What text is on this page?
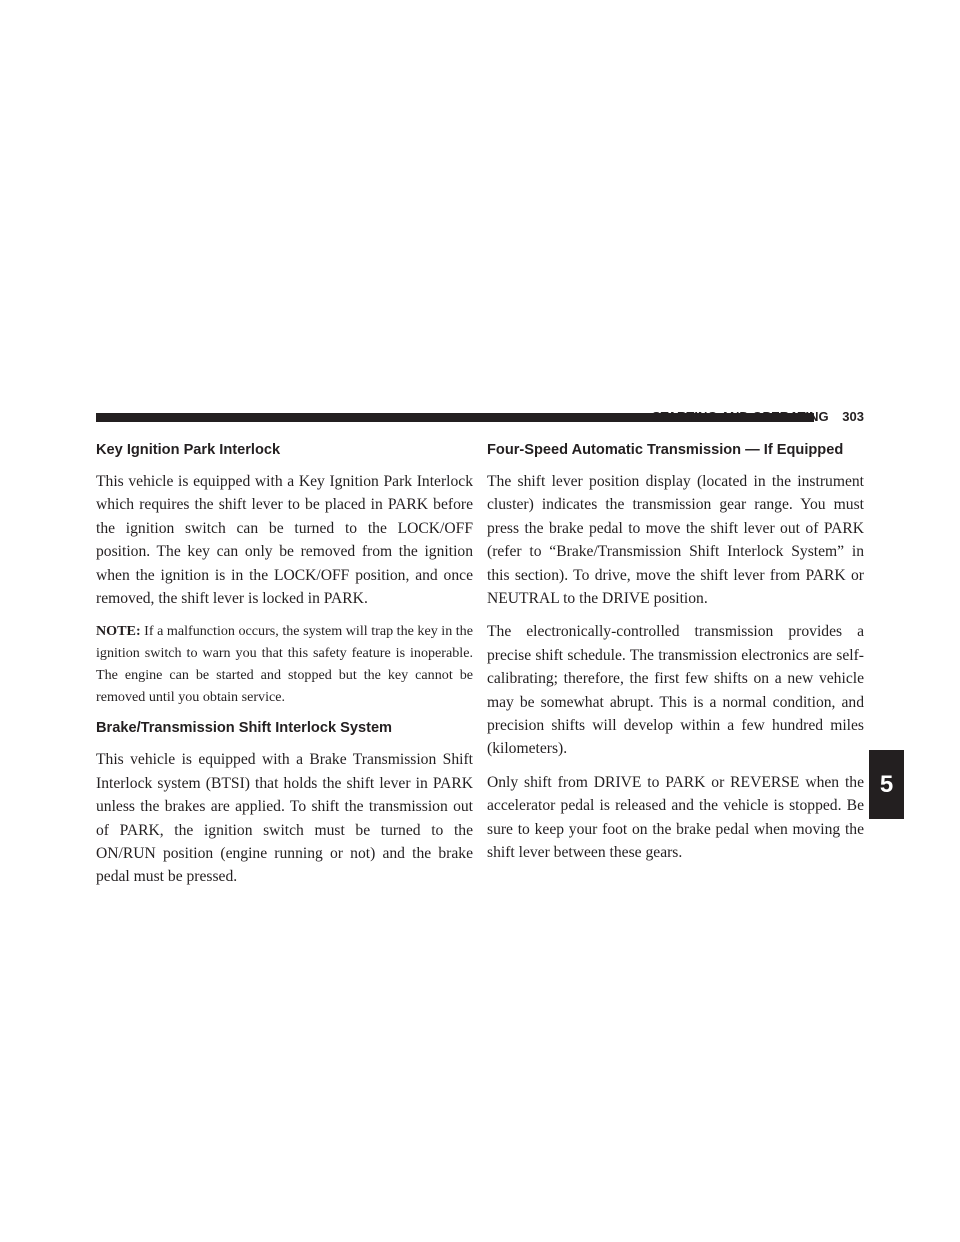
STARTING AND OPERATING 303
Key Ignition Park Interlock

This vehicle is equipped with a Key Ignition Park Interlock which requires the shift lever to be placed in PARK before the ignition switch can be turned to the LOCK/OFF position. The key can only be removed from the ignition when the ignition is in the LOCK/OFF position, and once removed, the shift lever is locked in PARK.

NOTE: If a malfunction occurs, the system will trap the key in the ignition switch to warn you that this safety feature is inoperable. The engine can be started and stopped but the key cannot be removed until you obtain service.

Brake/Transmission Shift Interlock System

This vehicle is equipped with a Brake Transmission Shift Interlock system (BTSI) that holds the shift lever in PARK unless the brakes are applied. To shift the transmission out of PARK, the ignition switch must be turned to the ON/RUN position (engine running or not) and the brake pedal must be pressed.

Four-Speed Automatic Transmission — If Equipped

The shift lever position display (located in the instrument cluster) indicates the transmission gear range. You must press the brake pedal to move the shift lever out of PARK (refer to “Brake/Transmission Shift Interlock System” in this section). To drive, move the shift lever from PARK or NEUTRAL to the DRIVE position.

The electronically-controlled transmission provides a precise shift schedule. The transmission electronics are self-calibrating; therefore, the first few shifts on a new vehicle may be somewhat abrupt. This is a normal condition, and precision shifts will develop within a few hundred miles (kilometers).

Only shift from DRIVE to PARK or REVERSE when the accelerator pedal is released and the vehicle is stopped. Be sure to keep your foot on the brake pedal when moving the shift lever between these gears.

5
